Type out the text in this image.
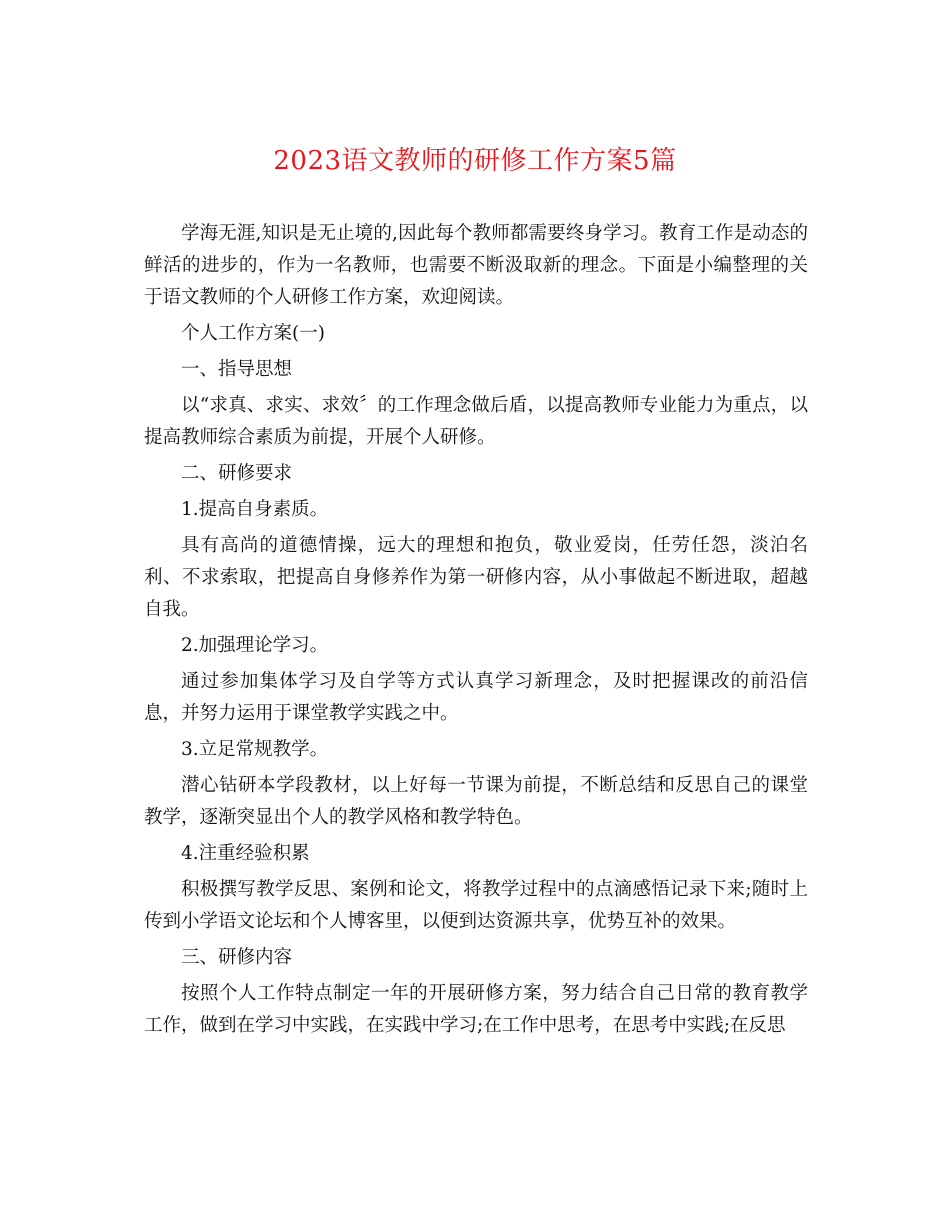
2023语文教师的研修工作方案5篇

学海无涯,知识是无止境的,因此每个教师都需要终身学习。教育工作是动态的鲜活的进步的，作为一名教师，也需要不断汲取新的理念。下面是小编整理的关于语文教师的个人研修工作方案，欢迎阅读。

个人工作方案(一)

一、指导思想

以“求真、求实、求效〞的工作理念做后盾，以提高教师专业能力为重点，以提高教师综合素质为前提，开展个人研修。

二、研修要求

1.提高自身素质。

具有高尚的道德情操，远大的理想和抱负，敬业爱岗，任劳任怨，淡泊名利、不求索取，把提高自身修养作为第一研修内容，从小事做起不断进取，超越自我。

2.加强理论学习。

通过参加集体学习及自学等方式认真学习新理念，及时把握课改的前沿信息，并努力运用于课堂教学实践之中。

3.立足常规教学。

潜心钻研本学段教材，以上好每一节课为前提，不断总结和反思自己的课堂教学，逐渐突显出个人的教学风格和教学特色。

4.注重经验积累

积极撰写教学反思、案例和论文，将教学过程中的点滴感悟记录下来;随时上传到小学语文论坛和个人博客里，以便到达资源共享，优势互补的效果。

三、研修内容

按照个人工作特点制定一年的开展研修方案，努力结合自己日常的教育教学工作，做到在学习中实践，在实践中学习;在工作中思考，在思考中实践;在反思
